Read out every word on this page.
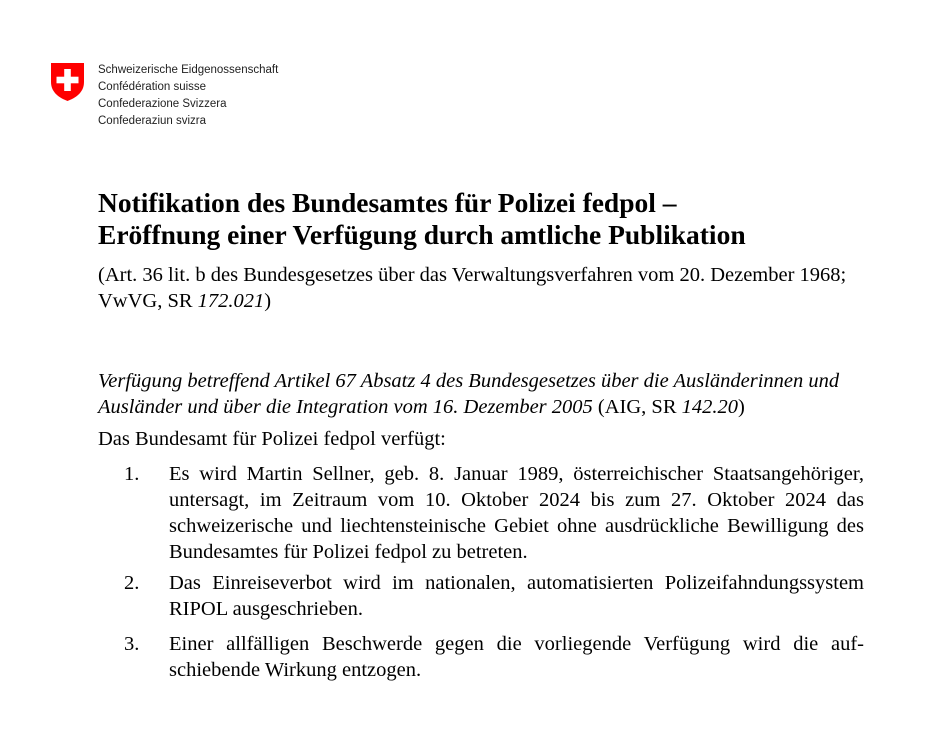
Schweizerische Eidgenossenschaft
Confédération suisse
Confederazione Svizzera
Confederaziun svizra
Notifikation des Bundesamtes für Polizei fedpol –
Eröffnung einer Verfügung durch amtliche Publikation
(Art. 36 lit. b des Bundesgesetzes über das Verwaltungsverfahren vom 20. Dezember 1968; VwVG, SR 172.021)
Verfügung betreffend Artikel 67 Absatz 4 des Bundesgesetzes über die Ausländerinnen und Ausländer und über die Integration vom 16. Dezember 2005 (AIG, SR 142.20)
Das Bundesamt für Polizei fedpol verfügt:
1. Es wird Martin Sellner, geb. 8. Januar 1989, österreichischer Staatsangehöriger, untersagt, im Zeitraum vom 10. Oktober 2024 bis zum 27. Oktober 2024 das schweizerische und liechtensteinische Gebiet ohne ausdrückliche Bewilligung des Bundesamtes für Polizei fedpol zu betreten.
2. Das Einreiseverbot wird im nationalen, automatisierten Polizeifahndungssystem RIPOL ausgeschrieben.
3. Einer allfälligen Beschwerde gegen die vorliegende Verfügung wird die aufschiebende Wirkung entzogen.
